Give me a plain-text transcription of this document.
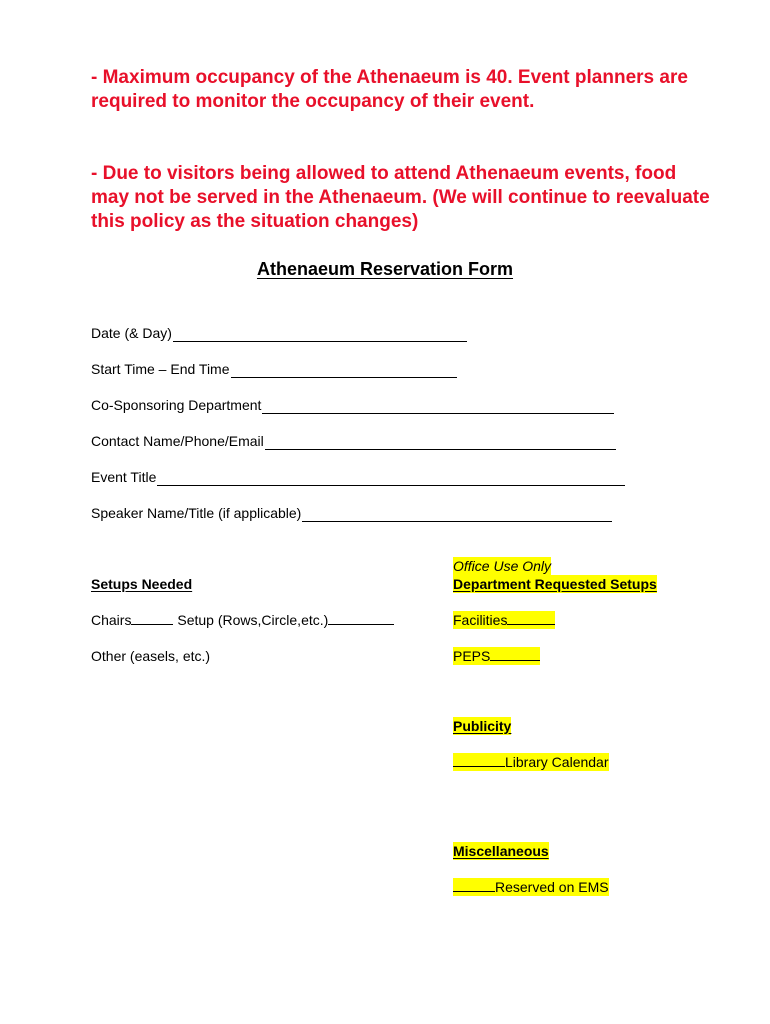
- Maximum occupancy of the Athenaeum is 40. Event planners are required to monitor the occupancy of their event.

- Due to visitors being allowed to attend Athenaeum events, food may not be served in the Athenaeum. (We will continue to reevaluate this policy as the situation changes)

Athenaeum Reservation Form
Date (& Day)
Start Time – End Time
Co-Sponsoring Department
Contact Name/Phone/Email
Event Title
Speaker Name/Title (if applicable)
Setups Needed
Chairs	Setup (Rows,Circle,etc.)
Other (easels, etc.)
Office Use Only
Department Requested Setups
Facilities
PEPS
Publicity
Library Calendar
Miscellaneous
Reserved on EMS
